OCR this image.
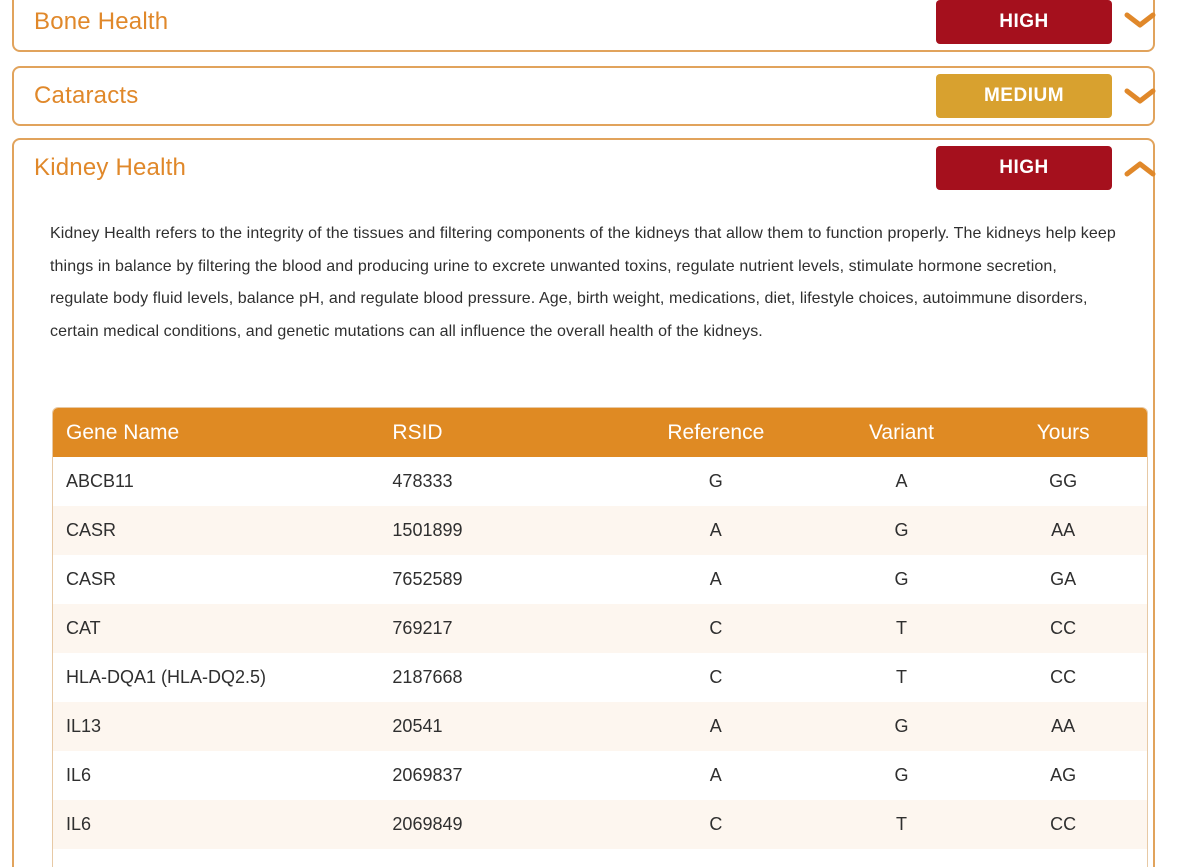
Bone Health	HIGH
Cataracts	MEDIUM
Kidney Health	HIGH
Kidney Health refers to the integrity of the tissues and filtering components of the kidneys that allow them to function properly. The kidneys help keep things in balance by filtering the blood and producing urine to excrete unwanted toxins, regulate nutrient levels, stimulate hormone secretion, regulate body fluid levels, balance pH, and regulate blood pressure. Age, birth weight, medications, diet, lifestyle choices, autoimmune disorders, certain medical conditions, and genetic mutations can all influence the overall health of the kidneys.
Gene Name	RSID	Reference	Variant	Yours
ABCB11	478333	G	A	GG
CASR	1501899	A	G	AA
CASR	7652589	A	G	GA
CAT	769217	C	T	CC
HLA-DQA1 (HLA-DQ2.5)	2187668	C	T	CC
IL13	20541	A	G	AA
IL6	2069837	A	G	AG
IL6	2069849	C	T	CC
